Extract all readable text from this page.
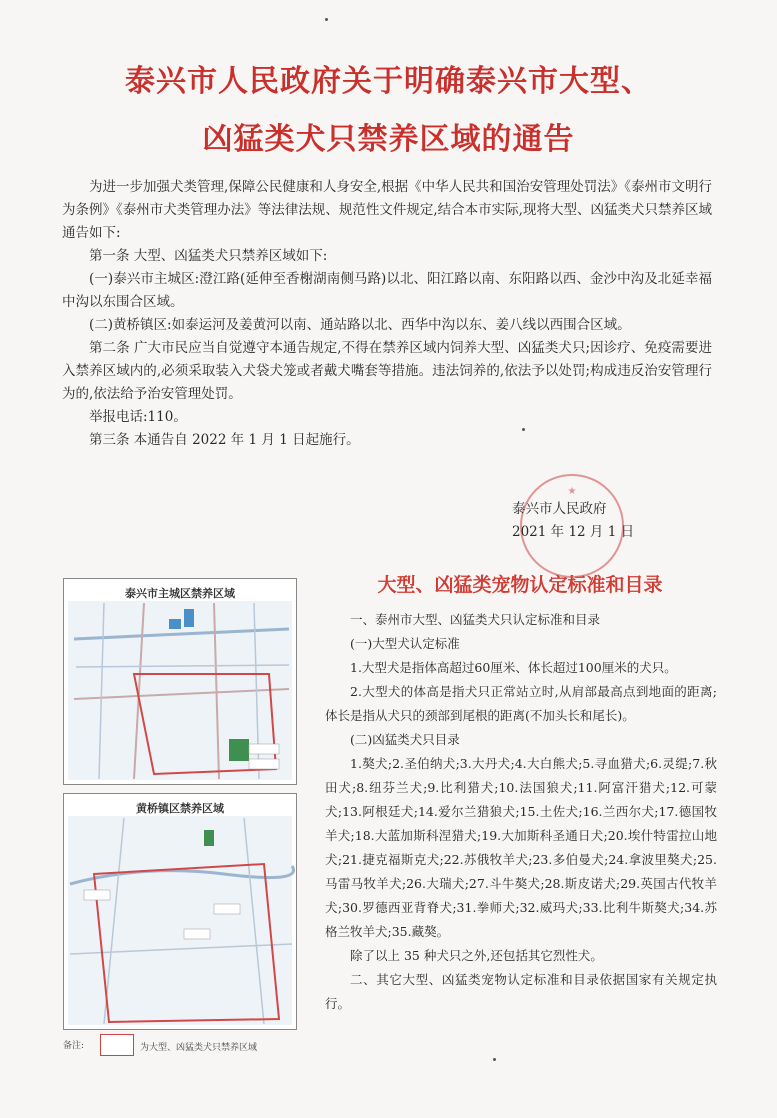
泰兴市人民政府关于明确泰兴市大型、
凶猛类犬只禁养区域的通告

为进一步加强犬类管理,保障公民健康和人身安全,根据《中华人民共和国治安管理处罚法》《泰州市文明行为条例》《泰州市犬类管理办法》等法律法规、规范性文件规定,结合本市实际,现将大型、凶猛类犬只禁养区域通告如下:

第一条 大型、凶猛类犬只禁养区域如下:

(一)泰兴市主城区:澄江路(延伸至香榭湖南侧马路)以北、阳江路以南、东阳路以西、金沙中沟及北延幸福中沟以东围合区域。

(二)黄桥镇区:如泰运河及姜黄河以南、通站路以北、西华中沟以东、姜八线以西围合区域。

第二条 广大市民应当自觉遵守本通告规定,不得在禁养区域内饲养大型、凶猛类犬只;因诊疗、免疫需要进入禁养区域内的,必须采取装入犬袋犬笼或者戴犬嘴套等措施。违法饲养的,依法予以处罚;构成违反治安管理行为的,依法给予治安管理处罚。

举报电话:110。

第三条 本通告自 2022 年 1 月 1 日起施行。

★
泰兴市人民政府
2021 年 12 月 1 日
泰兴市主城区禁养区域
黄桥镇区禁养区域
备注:	为大型、凶猛类犬只禁养区域
大型、凶猛类宠物认定标准和目录

一、泰州市大型、凶猛类犬只认定标准和目录

(一)大型犬认定标准

1.大型犬是指体高超过60厘米、体长超过100厘米的犬只。

2.大型犬的体高是指犬只正常站立时,从肩部最高点到地面的距离;体长是指从犬只的颈部到尾根的距离(不加头长和尾长)。

(二)凶猛类犬只目录

1.獒犬;2.圣伯纳犬;3.大丹犬;4.大白熊犬;5.寻血猎犬;6.灵缇;7.秋田犬;8.纽芬兰犬;9.比利猎犬;10.法国狼犬;11.阿富汗猎犬;12.可蒙犬;13.阿根廷犬;14.爱尔兰猎狼犬;15.土佐犬;16.兰西尔犬;17.德国牧羊犬;18.大蓝加斯科涅猎犬;19.大加斯科圣通日犬;20.埃什特雷拉山地犬;21.捷克福斯克犬;22.苏俄牧羊犬;23.多伯曼犬;24.拿波里獒犬;25.马雷马牧羊犬;26.大瑞犬;27.斗牛獒犬;28.斯皮诺犬;29.英国古代牧羊犬;30.罗德西亚背脊犬;31.拳师犬;32.威玛犬;33.比利牛斯獒犬;34.苏格兰牧羊犬;35.藏獒。

除了以上 35 种犬只之外,还包括其它烈性犬。

二、其它大型、凶猛类宠物认定标准和目录依据国家有关规定执行。
